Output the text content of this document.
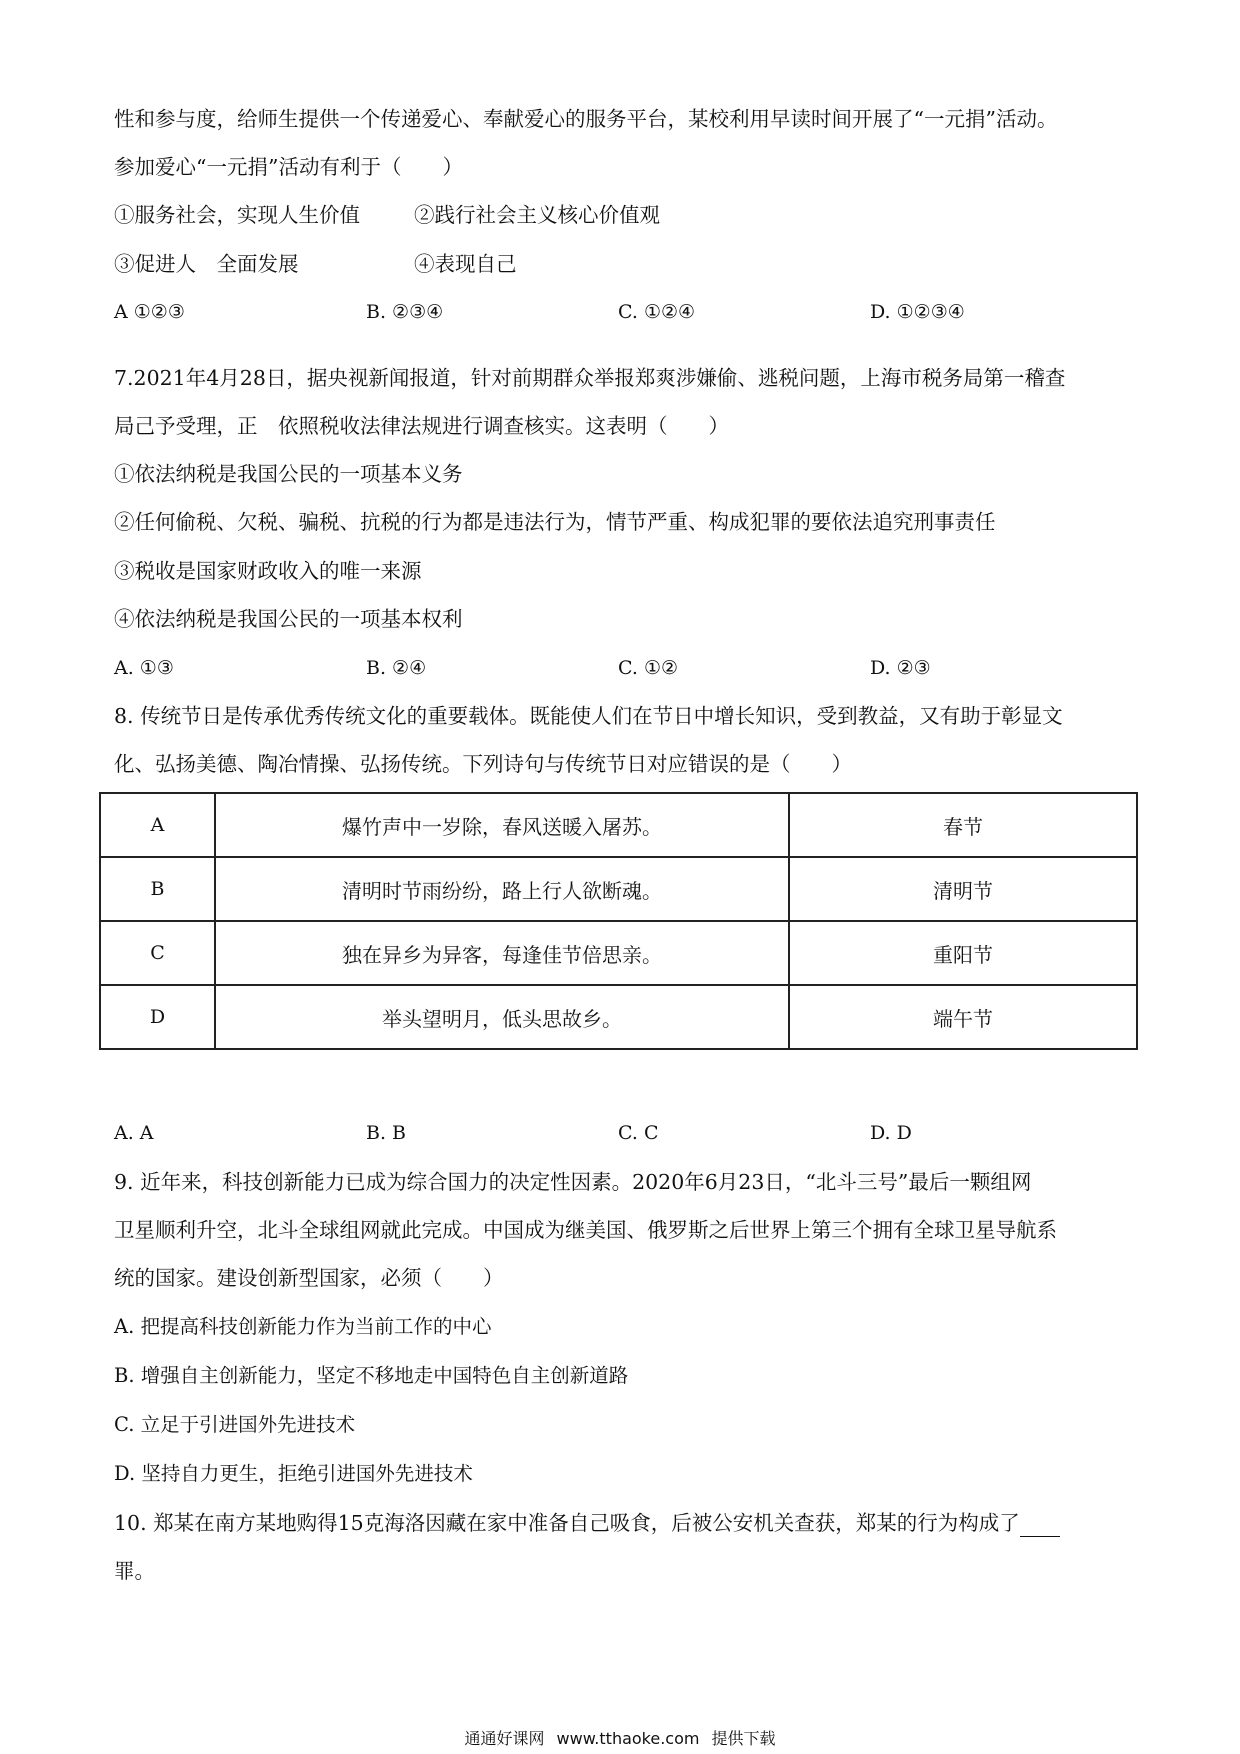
性和参与度，给师生提供一个传递爱心、奉献爱心的服务平台，某校利用早读时间开展了“一元捐”活动。
参加爱心“一元捐”活动有利于（　　）
①服务社会，实现人生价值	②践行社会主义核心价值观
③促进人　全面发展	④表现自己
A ①②③	B. ②③④	C. ①②④	D. ①②③④
7.2021年4月28日，据央视新闻报道，针对前期群众举报郑爽涉嫌偷、逃税问题，上海市税务局第一稽查
局己予受理，正　依照税收法律法规进行调查核实。这表明（　　）
①依法纳税是我国公民的一项基本义务
②任何偷税、欠税、骗税、抗税的行为都是违法行为，情节严重、构成犯罪的要依法追究刑事责任
③税收是国家财政收入的唯一来源
④依法纳税是我国公民的一项基本权利
A. ①③	B. ②④	C. ①②	D. ②③
8. 传统节日是传承优秀传统文化的重要载体。既能使人们在节日中增长知识，受到教益，又有助于彰显文
化、弘扬美德、陶冶情操、弘扬传统。下列诗句与传统节日对应错误的是（　　）
A	爆竹声中一岁除，春风送暖入屠苏。	春节
B	清明时节雨纷纷，路上行人欲断魂。	清明节
C	独在异乡为异客，每逢佳节倍思亲。	重阳节
D	举头望明月，低头思故乡。	端午节
A. A	B. B	C. C	D. D
9. 近年来，科技创新能力已成为综合国力的决定性因素。2020年6月23日，“北斗三号”最后一颗组网
卫星顺利升空，北斗全球组网就此完成。中国成为继美国、俄罗斯之后世界上第三个拥有全球卫星导航系
统的国家。建设创新型国家，必须（　　）
A. 把提高科技创新能力作为当前工作的中心
B. 增强自主创新能力，坚定不移地走中国特色自主创新道路
C. 立足于引进国外先进技术
D. 坚持自力更生，拒绝引进国外先进技术
10. 郑某在南方某地购得15克海洛因藏在家中准备自己吸食，后被公安机关查获，郑某的行为构成了
罪。
通通好课网 www.tthaoke.com 提供下载
